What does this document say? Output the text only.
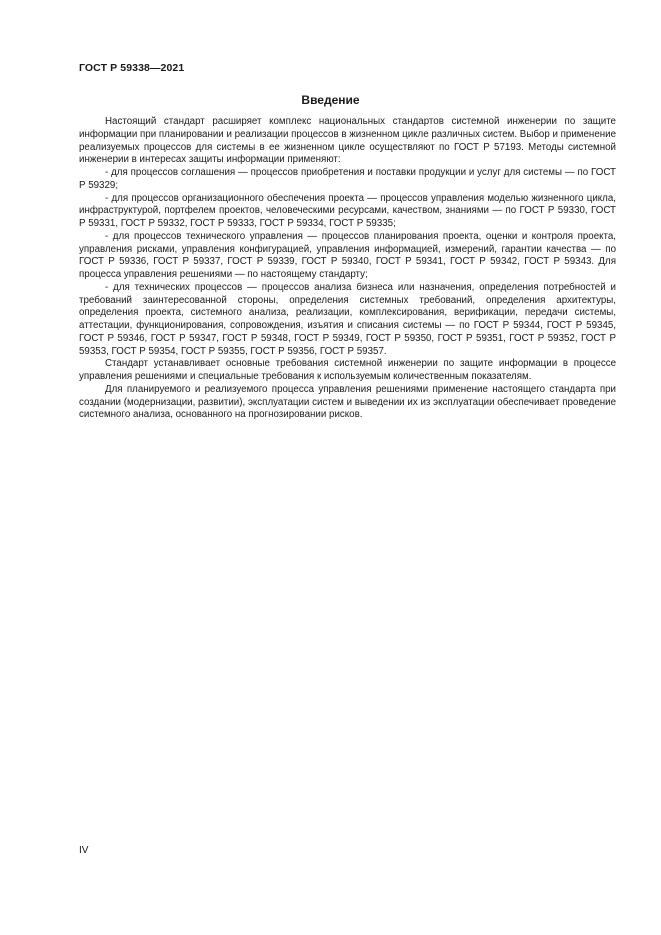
ГОСТ Р 59338—2021
Введение

Настоящий стандарт расширяет комплекс национальных стандартов системной инженерии по защите информации при планировании и реализации процессов в жизненном цикле различных систем. Выбор и применение реализуемых процессов для системы в ее жизненном цикле осуществляют по ГОСТ Р 57193. Методы системной инженерии в интересах защиты информации применяют:

- для процессов соглашения — процессов приобретения и поставки продукции и услуг для системы — по ГОСТ Р 59329;

- для процессов организационного обеспечения проекта — процессов управления моделью жизненного цикла, инфраструктурой, портфелем проектов, человеческими ресурсами, качеством, знаниями — по ГОСТ Р 59330, ГОСТ Р 59331, ГОСТ Р 59332, ГОСТ Р 59333, ГОСТ Р 59334, ГОСТ Р 59335;

- для процессов технического управления — процессов планирования проекта, оценки и контроля проекта, управления рисками, управления конфигурацией, управления информацией, измерений, гарантии качества — по ГОСТ Р 59336, ГОСТ Р 59337, ГОСТ Р 59339, ГОСТ Р 59340, ГОСТ Р 59341, ГОСТ Р 59342, ГОСТ Р 59343. Для процесса управления решениями — по настоящему стандарту;

- для технических процессов — процессов анализа бизнеса или назначения, определения потребностей и требований заинтересованной стороны, определения системных требований, определения архитектуры, определения проекта, системного анализа, реализации, комплексирования, верификации, передачи системы, аттестации, функционирования, сопровождения, изъятия и списания системы — по ГОСТ Р 59344, ГОСТ Р 59345, ГОСТ Р 59346, ГОСТ Р 59347, ГОСТ Р 59348, ГОСТ Р 59349, ГОСТ Р 59350, ГОСТ Р 59351, ГОСТ Р 59352, ГОСТ Р 59353, ГОСТ Р 59354, ГОСТ Р 59355, ГОСТ Р 59356, ГОСТ Р 59357.

Стандарт устанавливает основные требования системной инженерии по защите информации в процессе управления решениями и специальные требования к используемым количественным показателям.

Для планируемого и реализуемого процесса управления решениями применение настоящего стандарта при создании (модернизации, развитии), эксплуатации систем и выведении их из эксплуатации обеспечивает проведение системного анализа, основанного на прогнозировании рисков.

IV
